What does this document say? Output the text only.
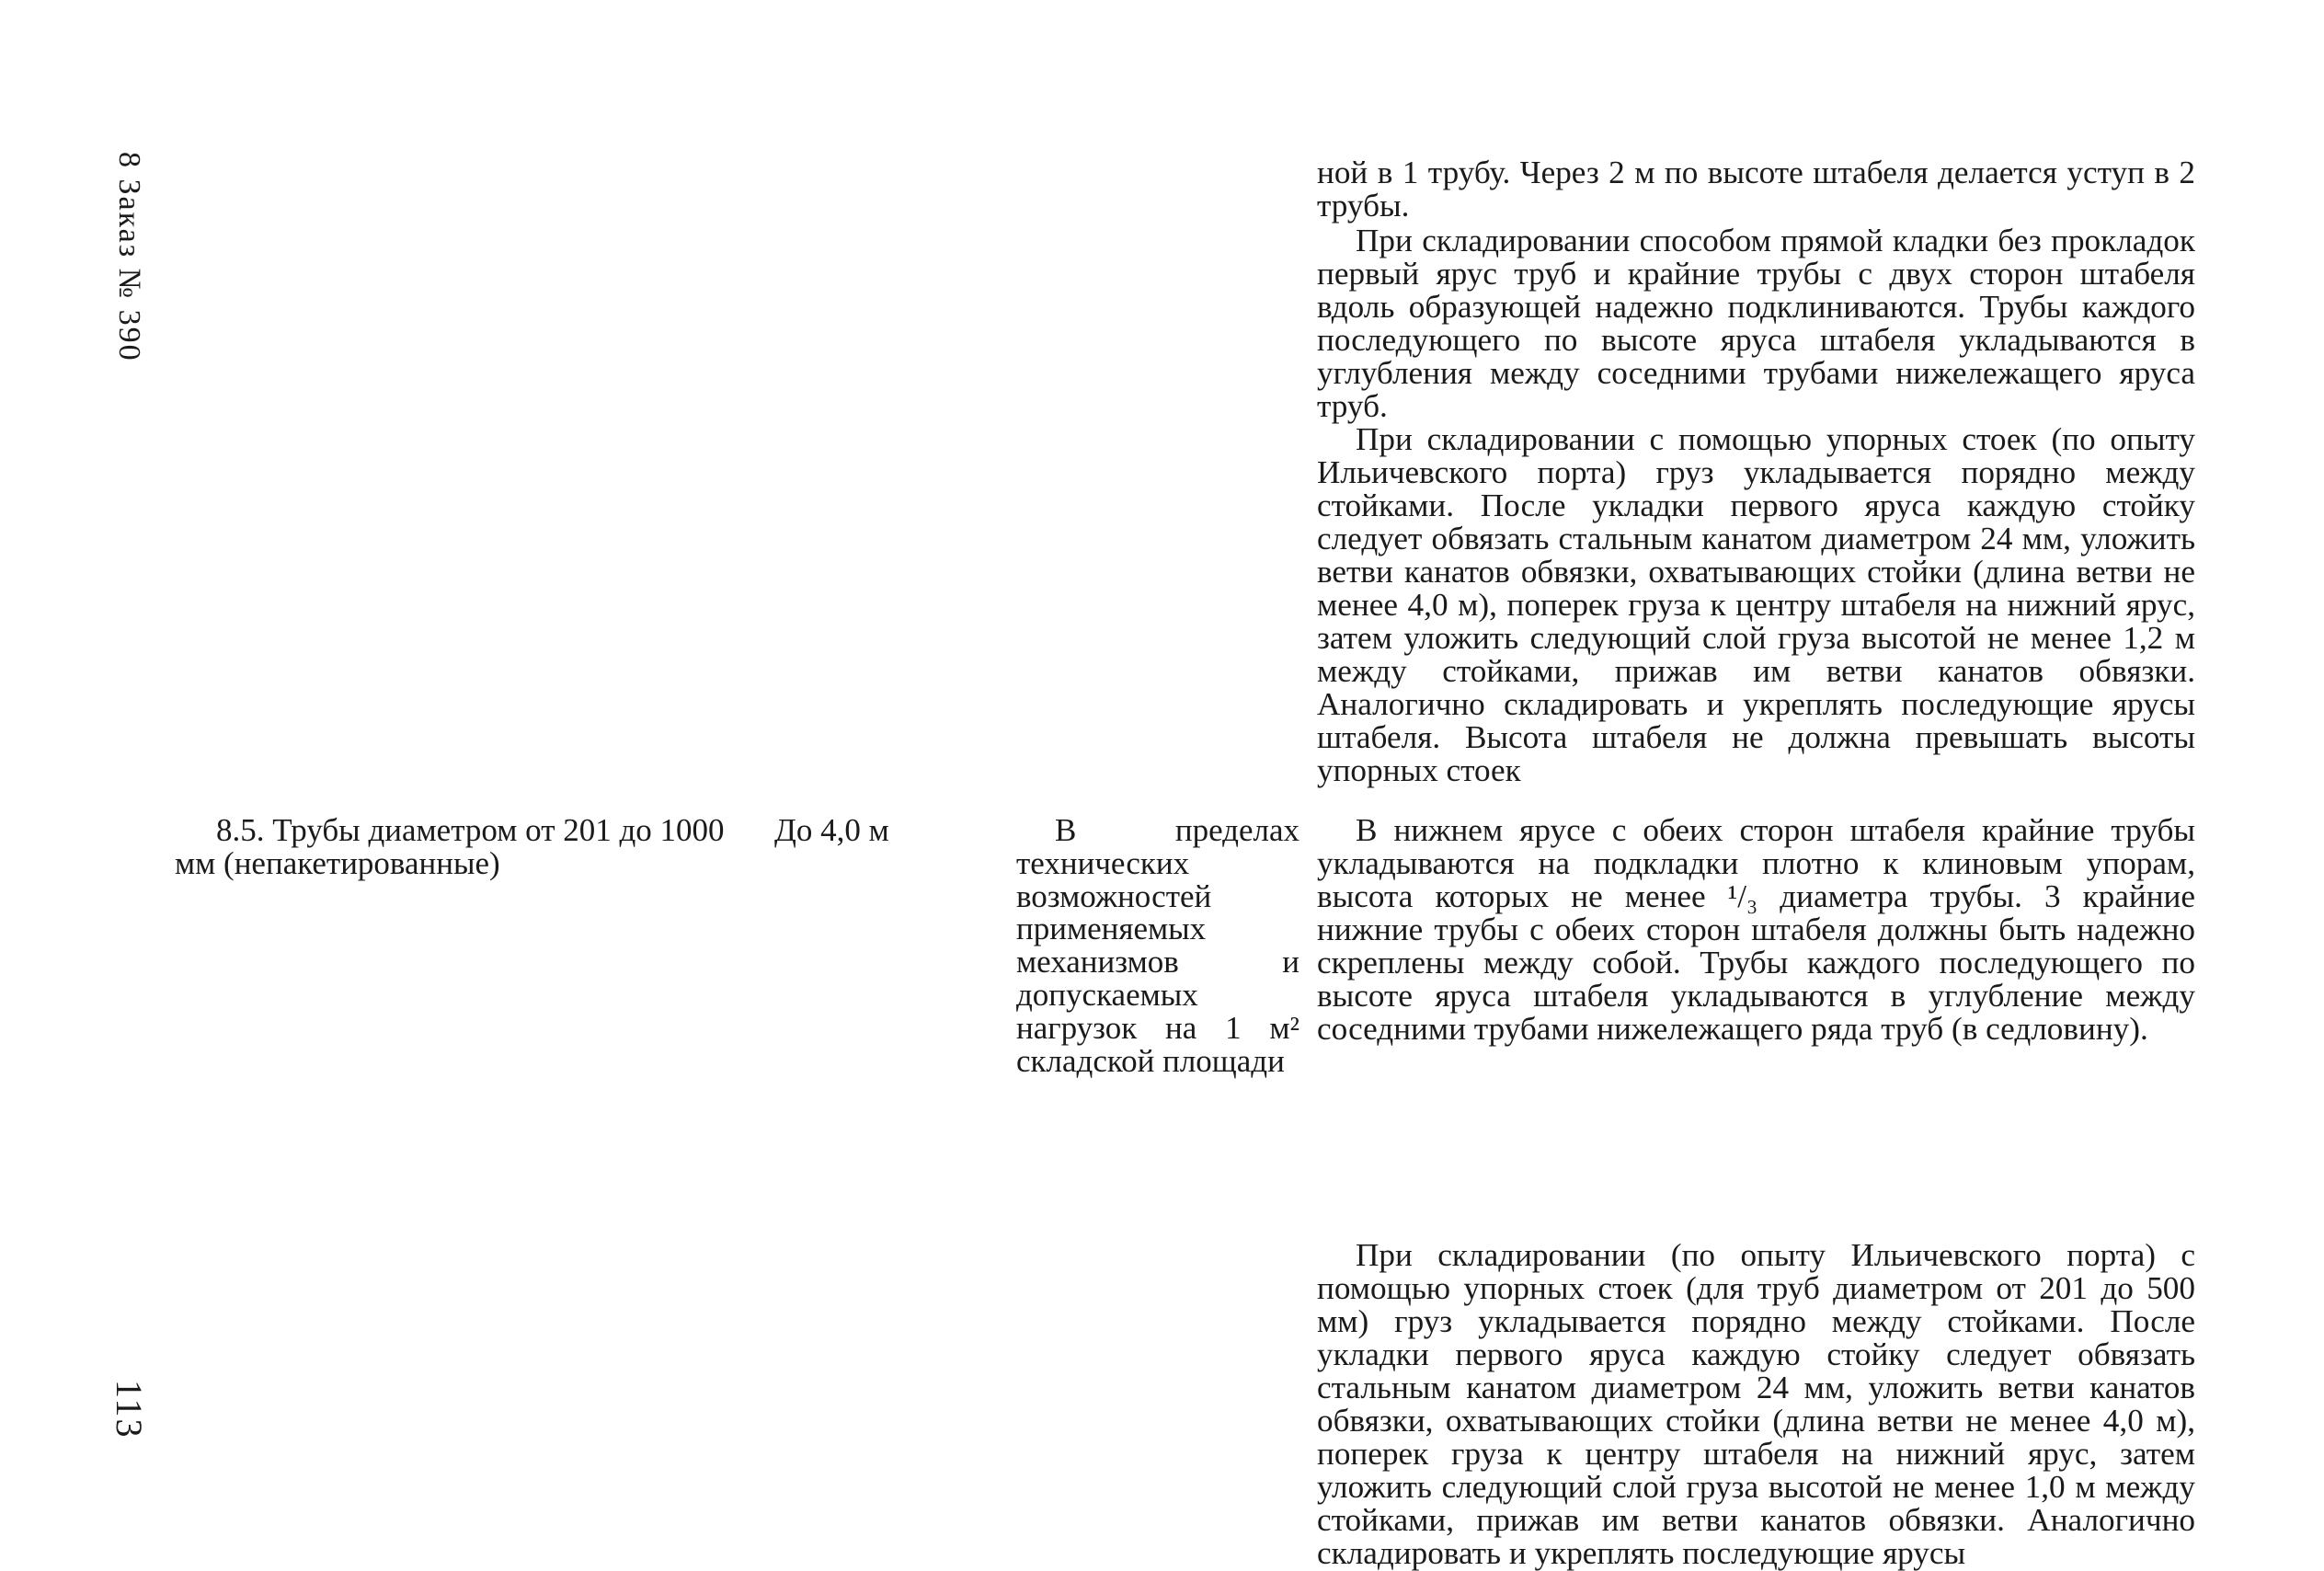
8 Заказ № 390
113
8.5. Трубы диаметром от 201 до 1000 мм (непакетированные)
До 4,0 м	В пределах технических возможностей применяемых механизмов и допускаемых нагрузок на 1 м² складской площади

ной в 1 трубу. Через 2 м по высоте штабеля делается уступ в 2 трубы.

При складировании способом прямой кладки без прокладок первый ярус труб и крайние трубы с двух сторон штабеля вдоль образующей надежно подклиниваются. Трубы каждого последующего по высоте яруса штабеля укладываются в углубления между соседними трубами нижележащего яруса труб.

При складировании с помощью упорных стоек (по опыту Ильичевского порта) груз укладывается порядно между стойками. После укладки первого яруса каждую стойку следует обвязать стальным канатом диаметром 24 мм, уложить ветви канатов обвязки, охватывающих стойки (длина ветви не менее 4,0 м), поперек груза к центру штабеля на нижний ярус, затем уложить следующий слой груза высотой не менее 1,2 м между стойками, прижав им ветви канатов обвязки. Аналогично складировать и укреплять последующие ярусы штабеля. Высота штабеля не должна превышать высоты упорных стоек

В нижнем ярусе с обеих сторон штабеля крайние трубы укладываются на подкладки плотно к клиновым упорам, высота которых не менее ¹/₃ диаметра трубы. 3 крайние нижние трубы с обеих сторон штабеля должны быть надежно скреплены между собой. Трубы каждого последующего по высоте яруса штабеля укладываются в углубление между соседними трубами нижележащего ряда труб (в седловину).

При складировании (по опыту Ильичевского порта) с помощью упорных стоек (для труб диаметром от 201 до 500 мм) груз укладывается порядно между стойками. После укладки первого яруса каждую стойку следует обвязать стальным канатом диаметром 24 мм, уложить ветви канатов обвязки, охватывающих стойки (длина ветви не менее 4,0 м), поперек груза к центру штабеля на нижний ярус, затем уложить следующий слой груза высотой не менее 1,0 м между стойками, прижав им ветви канатов обвязки. Аналогично складировать и укреплять последующие ярусы
